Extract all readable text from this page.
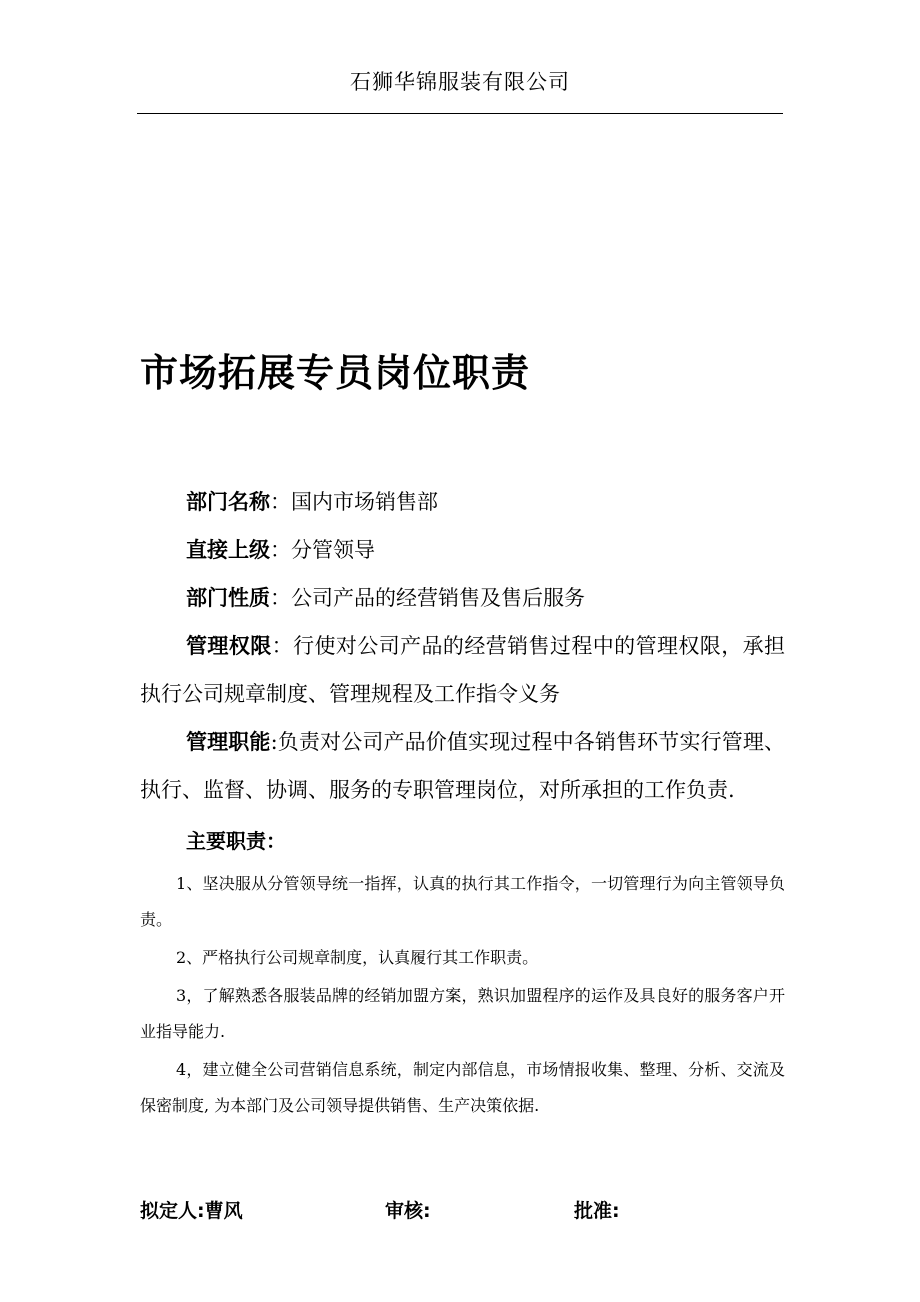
石狮华锦服装有限公司
市场拓展专员岗位职责
部门名称：国内市场销售部
直接上级：分管领导
部门性质：公司产品的经营销售及售后服务
管理权限：行使对公司产品的经营销售过程中的管理权限，承担执行公司规章制度、管理规程及工作指令义务
管理职能:负责对公司产品价值实现过程中各销售环节实行管理、执行、监督、协调、服务的专职管理岗位，对所承担的工作负责.
主要职责：
1、坚决服从分管领导统一指挥，认真的执行其工作指令，一切管理行为向主管领导负责。
2、严格执行公司规章制度，认真履行其工作职责。
3，了解熟悉各服装品牌的经销加盟方案，熟识加盟程序的运作及具良好的服务客户开业指导能力.
4，建立健全公司营销信息系统，制定内部信息，市场情报收集、整理、分析、交流及保密制度, 为本部门及公司领导提供销售、生产决策依据.
拟定人:曹风	审核:	批准:
